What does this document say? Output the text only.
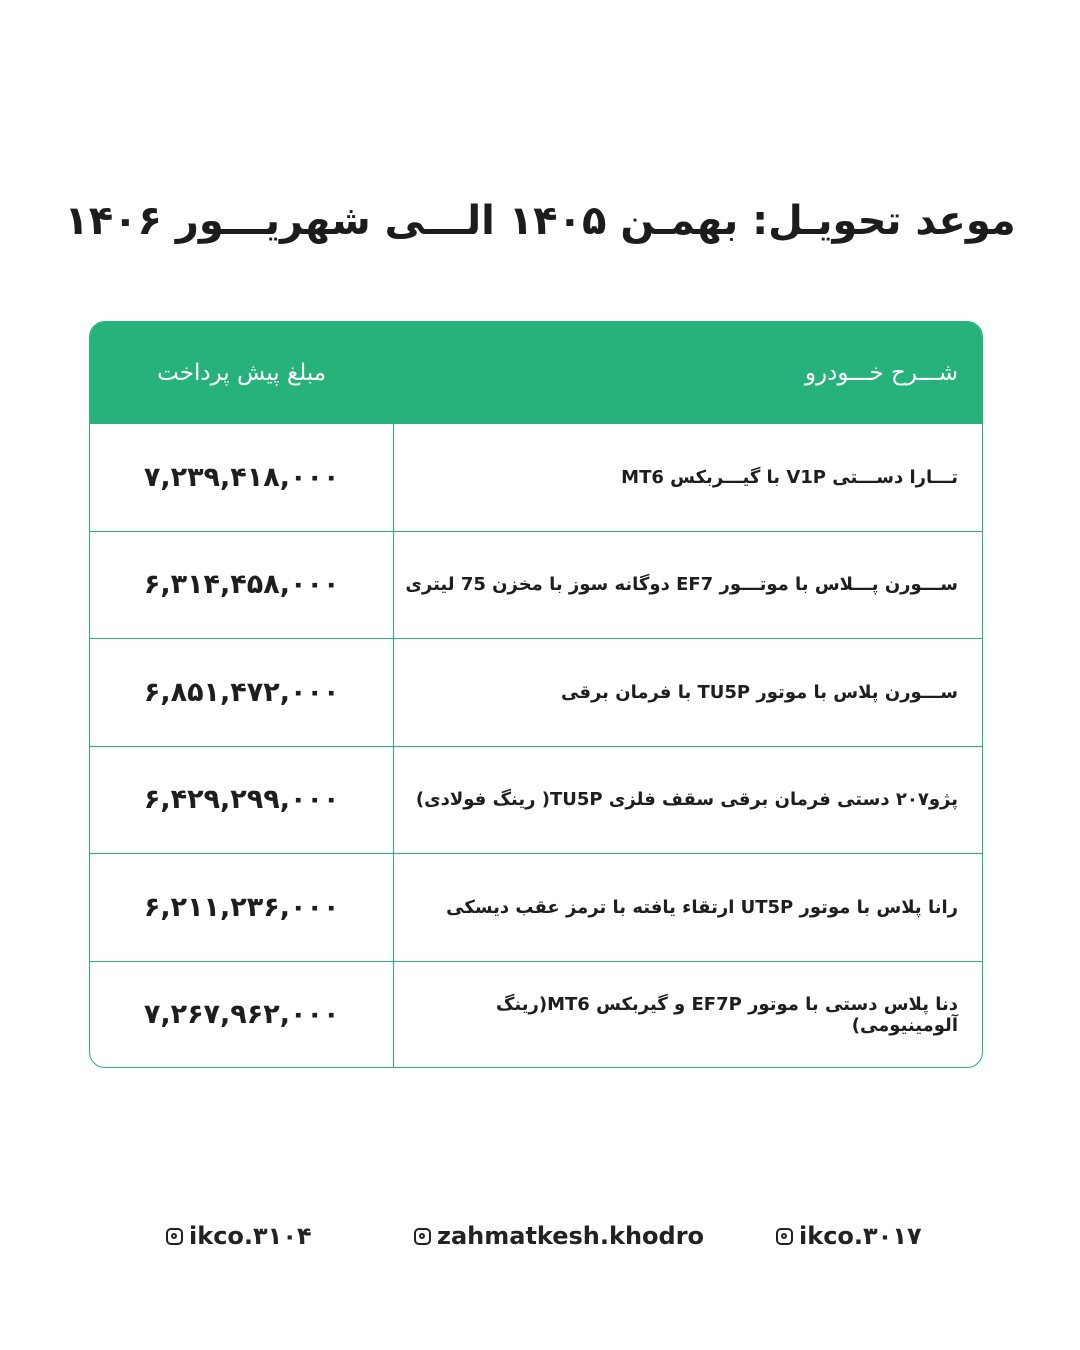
موعد تحویـل: بهمـن ۱۴۰۵ الـــی شهریـــور ۱۴۰۶
شـــرح خـــودرو
مبلغ پیش پرداخت
تـــارا دســـتی V1P با گیـــربکس MT6
۷,۲۳۹,۴۱۸,۰۰۰
ســـورن پـــلاس با موتـــور EF7 دوگانه سوز با مخزن 75 لیتری
۶,۳۱۴,۴۵۸,۰۰۰
ســـورن پلاس با موتور TU5P با فرمان برقی
۶,۸۵۱,۴۷۲,۰۰۰
پژو۲۰۷ دستی فرمان برقی سقف فلزی TU5P( رینگ فولادی)
۶,۴۲۹,۲۹۹,۰۰۰
رانا پلاس با موتور UT5P ارتقاء یافته با ترمز عقب دیسکی
۶,۲۱۱,۲۳۶,۰۰۰
دنا پلاس دستی با موتور EF7P و گیربکس MT6(رینگ آلومینیومی)
۷,۲۶۷,۹۶۲,۰۰۰
ikco.۳۱۰۴	zahmatkesh.khodro	ikco.۳۰۱۷
